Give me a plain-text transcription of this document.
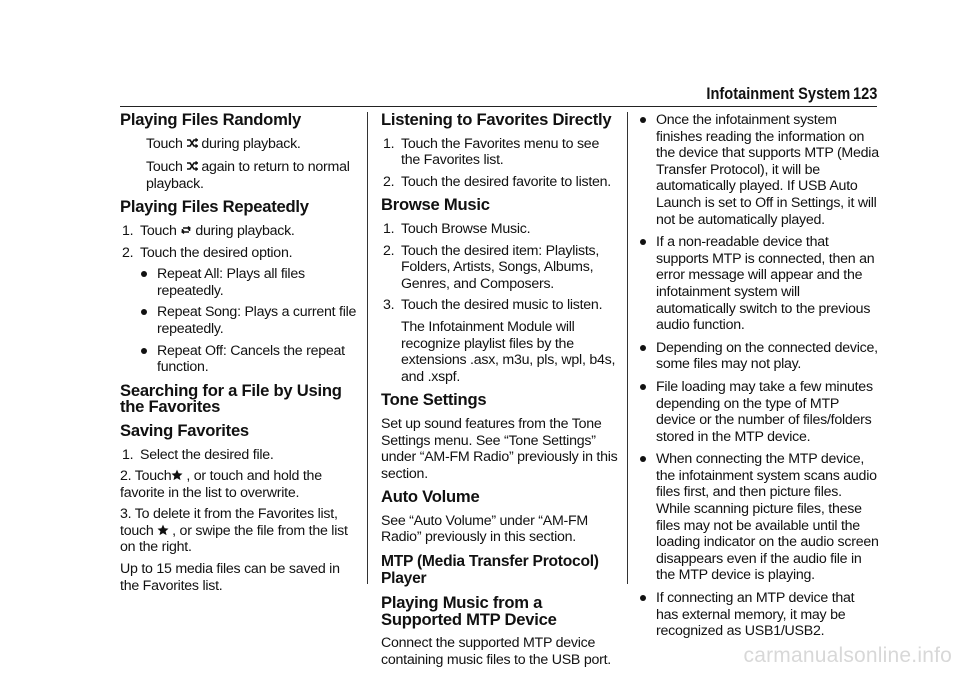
Infotainment System 123
Playing Files Randomly

Touch during playback.

Touch again to return to normal playback.

Playing Files Repeatedly
1. Touch during playback.
2. Touch the desired option.
Repeat All: Plays all files repeatedly.
Repeat Song: Plays a current file repeatedly.
Repeat Off: Cancels the repeat function.
Searching for a File by Using the Favorites
Saving Favorites
1. Select the desired file.
2. Touch , or touch and hold the favorite in the list to overwrite.
3. To delete it from the Favorites list, touch , or swipe the file from the list on the right.

Up to 15 media files can be saved in the Favorites list.

Listening to Favorites Directly
1. Touch the Favorites menu to see the Favorites list.
2. Touch the desired favorite to listen.
Browse Music
1. Touch Browse Music.
2. Touch the desired item: Playlists, Folders, Artists, Songs, Albums, Genres, and Composers.
3. Touch the desired music to listen.

The Infotainment Module will recognize playlist files by the extensions .asx, m3u, pls, wpl, b4s, and .xspf.

Tone Settings

Set up sound features from the Tone Settings menu. See “Tone Settings” under “AM-FM Radio” previously in this section.

Auto Volume

See “Auto Volume” under “AM-FM Radio” previously in this section.

MTP (Media Transfer Protocol) Player
Playing Music from a Supported MTP Device

Connect the supported MTP device containing music files to the USB port.

Once the infotainment system finishes reading the information on the device that supports MTP (Media Transfer Protocol), it will be automatically played. If USB Auto Launch is set to Off in Settings, it will not be automatically played.
If a non-readable device that supports MTP is connected, then an error message will appear and the infotainment system will automatically switch to the previous audio function.
Depending on the connected device, some files may not play.
File loading may take a few minutes depending on the type of MTP device or the number of files/folders stored in the MTP device.
When connecting the MTP device, the infotainment system scans audio files first, and then picture files. While scanning picture files, these files may not be available until the loading indicator on the audio screen disappears even if the audio file in the MTP device is playing.
If connecting an MTP device that has external memory, it may be recognized as USB1/USB2.
carmanualsonline.info
